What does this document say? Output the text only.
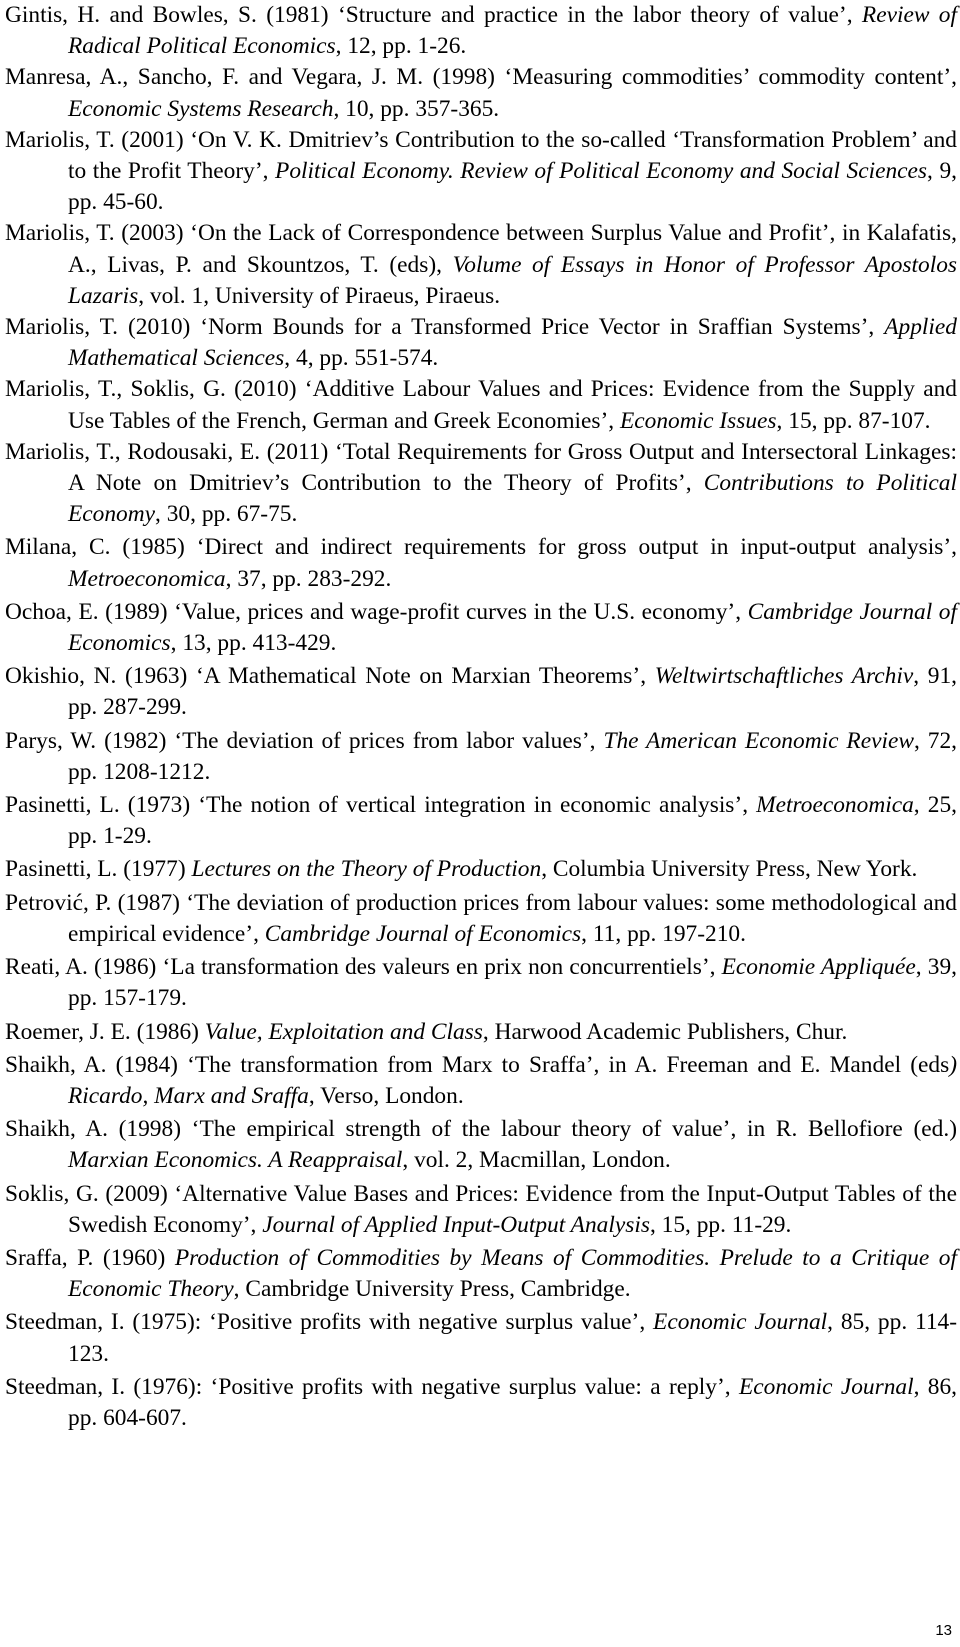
Gintis, H. and Bowles, S. (1981) ‘Structure and practice in the labor theory of value’, Review of Radical Political Economics, 12, pp. 1-26.
Manresa, A., Sancho, F. and Vegara, J. M. (1998) ‘Measuring commodities’ commodity content’, Economic Systems Research, 10, pp. 357-365.
Mariolis, T. (2001) ‘On V. K. Dmitriev’s Contribution to the so-called ‘Transformation Problem’ and to the Profit Theory’, Political Economy. Review of Political Economy and Social Sciences, 9, pp. 45-60.
Mariolis, T. (2003) ‘On the Lack of Correspondence between Surplus Value and Profit’, in Kalafatis, A., Livas, P. and Skountzos, T. (eds), Volume of Essays in Honor of Professor Apostolos Lazaris, vol. 1, University of Piraeus, Piraeus.
Mariolis, T. (2010) ‘Norm Bounds for a Transformed Price Vector in Sraffian Systems’, Applied Mathematical Sciences, 4, pp. 551-574.
Mariolis, T., Soklis, G. (2010) ‘Additive Labour Values and Prices: Evidence from the Supply and Use Tables of the French, German and Greek Economies’, Economic Issues, 15, pp. 87-107.
Mariolis, T., Rodousaki, E. (2011) ‘Total Requirements for Gross Output and Intersectoral Linkages: A Note on Dmitriev’s Contribution to the Theory of Profits’, Contributions to Political Economy, 30, pp. 67-75.
Milana, C. (1985) ‘Direct and indirect requirements for gross output in input-output analysis’, Metroeconomica, 37, pp. 283-292.
Ochoa, E. (1989) ‘Value, prices and wage-profit curves in the U.S. economy’, Cambridge Journal of Economics, 13, pp. 413-429.
Okishio, N. (1963) ‘A Mathematical Note on Marxian Theorems’, Weltwirtschaftliches Archiv, 91, pp. 287-299.
Parys, W. (1982) ‘The deviation of prices from labor values’, The American Economic Review, 72, pp. 1208-1212.
Pasinetti, L. (1973) ‘The notion of vertical integration in economic analysis’, Metroeconomica, 25, pp. 1-29.
Pasinetti, L. (1977) Lectures on the Theory of Production, Columbia University Press, New York.
Petrović, P. (1987) ‘The deviation of production prices from labour values: some methodological and empirical evidence’, Cambridge Journal of Economics, 11, pp. 197-210.
Reati, A. (1986) ‘La transformation des valeurs en prix non concurrentiels’, Economie Appliquée, 39, pp. 157-179.
Roemer, J. E. (1986) Value, Exploitation and Class, Harwood Academic Publishers, Chur.
Shaikh, A. (1984) ‘The transformation from Marx to Sraffa’, in A. Freeman and E. Mandel (eds) Ricardo, Marx and Sraffa, Verso, London.
Shaikh, A. (1998) ‘The empirical strength of the labour theory of value’, in R. Bellofiore (ed.) Marxian Economics. A Reappraisal, vol. 2, Macmillan, London.
Soklis, G. (2009) ‘Alternative Value Bases and Prices: Evidence from the Input-Output Tables of the Swedish Economy’, Journal of Applied Input-Output Analysis, 15, pp. 11-29.
Sraffa, P. (1960) Production of Commodities by Means of Commodities. Prelude to a Critique of Economic Theory, Cambridge University Press, Cambridge.
Steedman, I. (1975): ‘Positive profits with negative surplus value’, Economic Journal, 85, pp. 114-123.
Steedman, I. (1976): ‘Positive profits with negative surplus value: a reply’, Economic Journal, 86, pp. 604-607.
13
